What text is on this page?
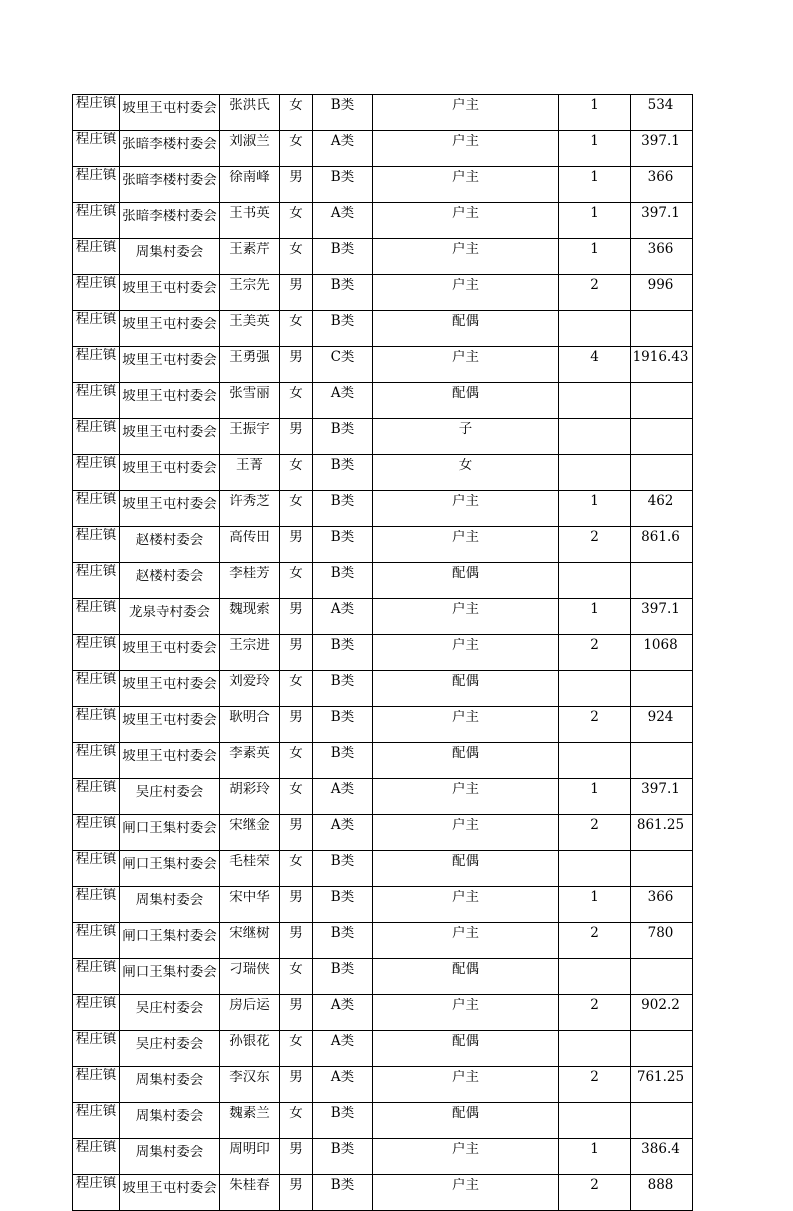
程庄镇	坡里王屯村委会	张洪氏	女	B类	户主	1	534

程庄镇	张暗李楼村委会	刘淑兰	女	A类	户主	1	397.1

程庄镇	张暗李楼村委会	徐南峰	男	B类	户主	1	366

程庄镇	张暗李楼村委会	王书英	女	A类	户主	1	397.1

程庄镇	周集村委会	王素芹	女	B类	户主	1	366

程庄镇	坡里王屯村委会	王宗先	男	B类	户主	2	996

程庄镇	坡里王屯村委会	王美英	女	B类	配偶		

程庄镇	坡里王屯村委会	王勇强	男	C类	户主	4	1916.43

程庄镇	坡里王屯村委会	张雪丽	女	A类	配偶		

程庄镇	坡里王屯村委会	王振宇	男	B类	子		

程庄镇	坡里王屯村委会	王菁	女	B类	女		

程庄镇	坡里王屯村委会	许秀芝	女	B类	户主	1	462

程庄镇	赵楼村委会	高传田	男	B类	户主	2	861.6

程庄镇	赵楼村委会	李桂芳	女	B类	配偶		

程庄镇	龙泉寺村委会	魏现索	男	A类	户主	1	397.1

程庄镇	坡里王屯村委会	王宗进	男	B类	户主	2	1068

程庄镇	坡里王屯村委会	刘爱玲	女	B类	配偶		

程庄镇	坡里王屯村委会	耿明合	男	B类	户主	2	924

程庄镇	坡里王屯村委会	李素英	女	B类	配偶		

程庄镇	吴庄村委会	胡彩玲	女	A类	户主	1	397.1

程庄镇	闸口王集村委会	宋继金	男	A类	户主	2	861.25

程庄镇	闸口王集村委会	毛桂荣	女	B类	配偶		

程庄镇	周集村委会	宋中华	男	B类	户主	1	366

程庄镇	闸口王集村委会	宋继树	男	B类	户主	2	780

程庄镇	闸口王集村委会	刁瑞侠	女	B类	配偶		

程庄镇	吴庄村委会	房后运	男	A类	户主	2	902.2

程庄镇	吴庄村委会	孙银花	女	A类	配偶		

程庄镇	周集村委会	李汉东	男	A类	户主	2	761.25

程庄镇	周集村委会	魏素兰	女	B类	配偶		

程庄镇	周集村委会	周明印	男	B类	户主	1	386.4

程庄镇	坡里王屯村委会	朱桂春	男	B类	户主	2	888
